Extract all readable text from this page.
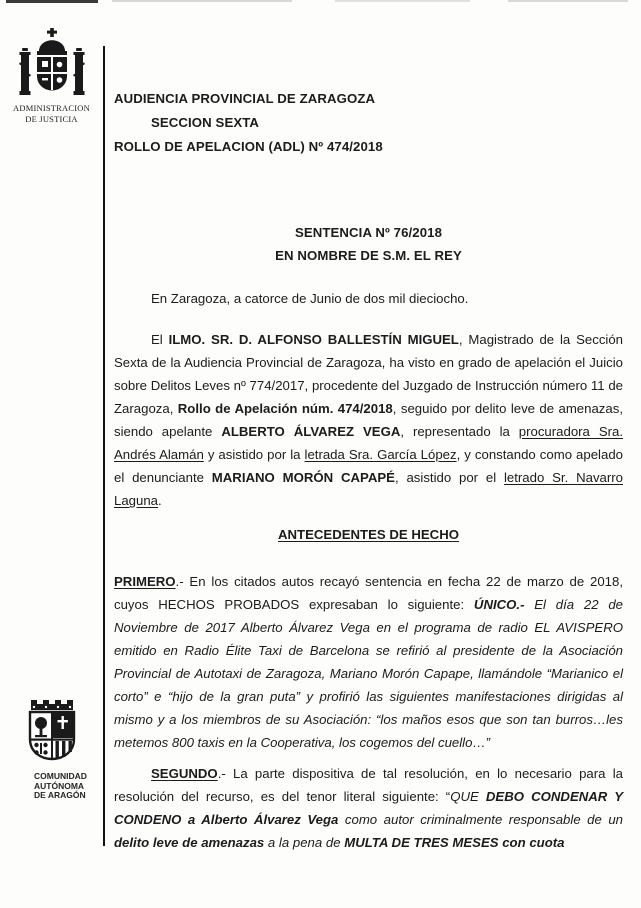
ADMINISTRACION
DE JUSTICIA
COMUNIDAD
AUTÓNOMA
DE ARAGÓN
AUDIENCIA PROVINCIAL DE ZARAGOZA
SECCION SEXTA
ROLLO DE APELACION (ADL) Nº 474/2018
SENTENCIA Nº 76/2018
EN NOMBRE DE S.M. EL REY

En Zaragoza, a catorce de Junio de dos mil dieciocho.

El ILMO. SR. D. ALFONSO BALLESTÍN MIGUEL, Magistrado de la Sección Sexta de la Audiencia Provincial de Zaragoza, ha visto en grado de apelación el Juicio sobre Delitos Leves nº 774/2017, procedente del Juzgado de Instrucción número 11 de Zaragoza, Rollo de Apelación núm. 474/2018, seguido por delito leve de amenazas, siendo apelante ALBERTO ÁLVAREZ VEGA, representado la procuradora Sra. Andrés Alamán y asistido por la letrada Sra. García López, y constando como apelado el denunciante MARIANO MORÓN CAPAPÉ, asistido por el letrado Sr. Navarro Laguna.

ANTECEDENTES DE HECHO

PRIMERO.- En los citados autos recayó sentencia en fecha 22 de marzo de 2018, cuyos HECHOS PROBADOS expresaban lo siguiente: ÚNICO.- El día 22 de Noviembre de 2017 Alberto Álvarez Vega en el programa de radio EL AVISPERO emitido en Radio Élite Taxi de Barcelona se refirió al presidente de la Asociación Provincial de Autotaxi de Zaragoza, Mariano Morón Capape, llamándole “Marianico el corto” e “hijo de la gran puta” y profirió las siguientes manifestaciones dirigidas al mismo y a los miembros de su Asociación: “los maños esos que son tan burros…les metemos 800 taxis en la Cooperativa, los cogemos del cuello…”

SEGUNDO.- La parte dispositiva de tal resolución, en lo necesario para la resolución del recurso, es del tenor literal siguiente: “QUE DEBO CONDENAR Y CONDENO a Alberto Álvarez Vega como autor criminalmente responsable de un delito leve de amenazas a la pena de MULTA DE TRES MESES con cuota
